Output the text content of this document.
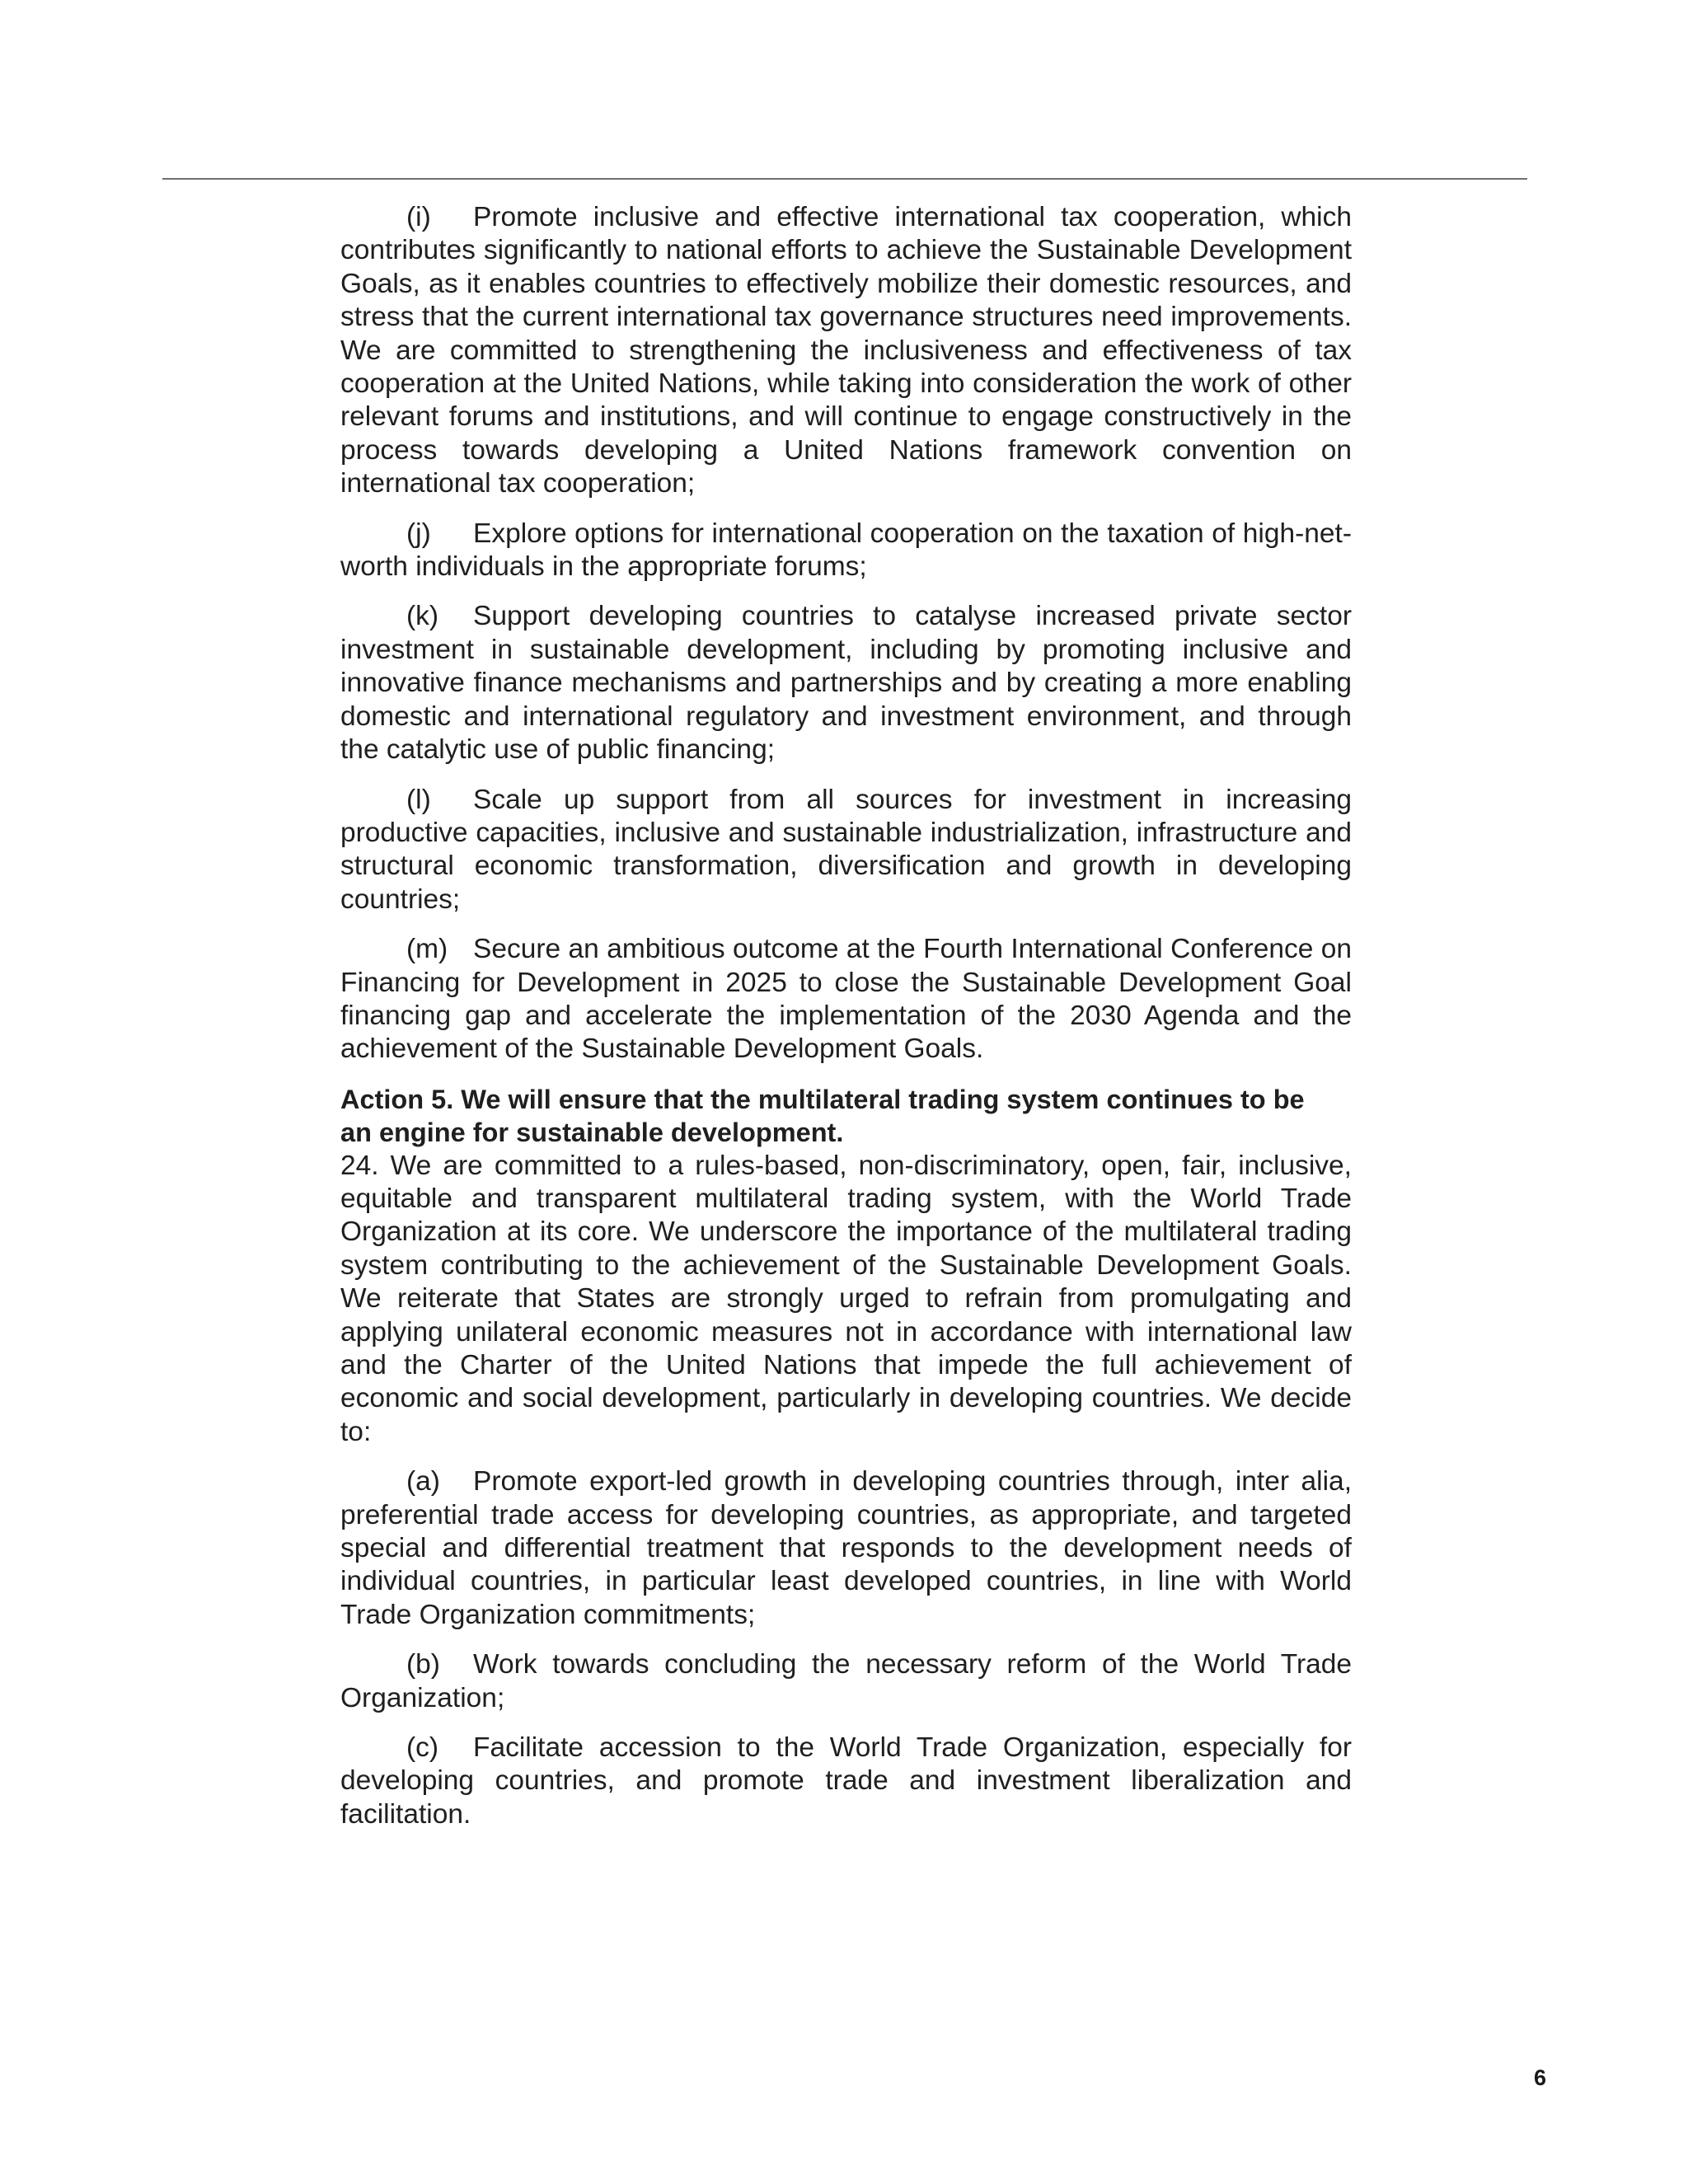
(i) Promote inclusive and effective international tax cooperation, which contributes significantly to national efforts to achieve the Sustainable Development Goals, as it enables countries to effectively mobilize their domestic resources, and stress that the current international tax governance structures need improvements. We are committed to strengthening the inclusiveness and effectiveness of tax cooperation at the United Nations, while taking into consideration the work of other relevant forums and institutions, and will continue to engage constructively in the process towards developing a United Nations framework convention on international tax cooperation;

(j) Explore options for international cooperation on the taxation of high-net-worth individuals in the appropriate forums;

(k) Support developing countries to catalyse increased private sector investment in sustainable development, including by promoting inclusive and innovative finance mechanisms and partnerships and by creating a more enabling domestic and international regulatory and investment environment, and through the catalytic use of public financing;

(l) Scale up support from all sources for investment in increasing productive capacities, inclusive and sustainable industrialization, infrastructure and structural economic transformation, diversification and growth in developing countries;

(m) Secure an ambitious outcome at the Fourth International Conference on Financing for Development in 2025 to close the Sustainable Development Goal financing gap and accelerate the implementation of the 2030 Agenda and the achievement of the Sustainable Development Goals.

Action 5. We will ensure that the multilateral trading system continues to be an engine for sustainable development.

24. We are committed to a rules-based, non-discriminatory, open, fair, inclusive, equitable and transparent multilateral trading system, with the World Trade Organization at its core. We underscore the importance of the multilateral trading system contributing to the achievement of the Sustainable Development Goals. We reiterate that States are strongly urged to refrain from promulgating and applying unilateral economic measures not in accordance with international law and the Charter of the United Nations that impede the full achievement of economic and social development, particularly in developing countries. We decide to:

(a) Promote export-led growth in developing countries through, inter alia, preferential trade access for developing countries, as appropriate, and targeted special and differential treatment that responds to the development needs of individual countries, in particular least developed countries, in line with World Trade Organization commitments;

(b) Work towards concluding the necessary reform of the World Trade Organization;

(c) Facilitate accession to the World Trade Organization, especially for developing countries, and promote trade and investment liberalization and facilitation.

6
